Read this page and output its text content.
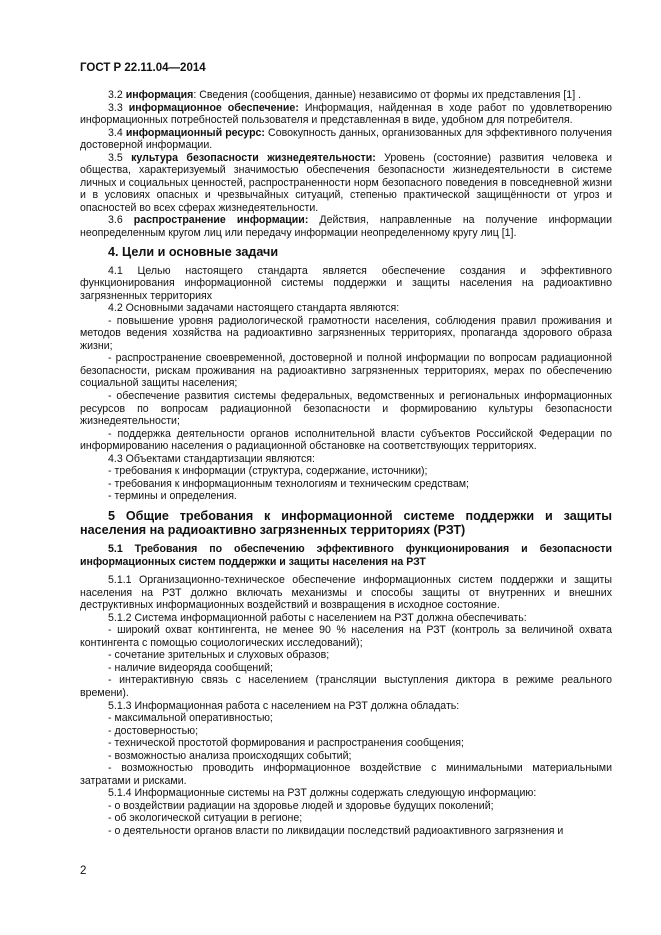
ГОСТ Р 22.11.04—2014

3.2 информация: Сведения (сообщения, данные) независимо от формы их представления [1] .

3.3 информационное обеспечение: Информация, найденная в ходе работ по удовлетворению информационных потребностей пользователя и представленная в виде, удобном для потребителя.

3.4 информационный ресурс: Совокупность данных, организованных для эффективного получения достоверной информации.

3.5 культура безопасности жизнедеятельности: Уровень (состояние) развития человека и общества, характеризуемый значимостью обеспечения безопасности жизнедеятельности в системе личных и социальных ценностей, распространенности норм безопасного поведения в повседневной жизни и в условиях опасных и чрезвычайных ситуаций, степенью практической защищённости от угроз и опасностей во всех сферах жизнедеятельности.

3.6 распространение информации: Действия, направленные на получение информации неопределенным кругом лиц или передачу информации неопределенному кругу лиц [1].

4. Цели и основные задачи

4.1 Целью настоящего стандарта является обеспечение создания и эффективного функционирования информационной системы поддержки и защиты населения на радиоактивно загрязненных территориях

4.2 Основными задачами настоящего стандарта являются:

- повышение уровня радиологической грамотности населения, соблюдения правил проживания и методов ведения хозяйства на радиоактивно загрязненных территориях, пропаганда здорового образа жизни;

- распространение своевременной, достоверной и полной информации по вопросам радиационной безопасности, рискам проживания на радиоактивно загрязненных территориях, мерах по обеспечению социальной защиты населения;

- обеспечение развития системы федеральных, ведомственных и региональных информационных ресурсов по вопросам радиационной безопасности и формированию культуры безопасности жизнедеятельности;

- поддержка деятельности органов исполнительной власти субъектов Российской Федерации по информированию населения о радиационной обстановке на соответствующих территориях.

4.3 Объектами стандартизации являются:

- требования к информации (структура, содержание, источники);

- требования к информационным технологиям и техническим средствам;

- термины и определения.

5 Общие требования к информационной системе поддержки и защиты населения на радиоактивно загрязненных территориях (РЗТ)
5.1 Требования по обеспечению эффективного функционирования и безопасности информационных систем поддержки и защиты населения на РЗТ

5.1.1 Организационно-техническое обеспечение информационных систем поддержки и защиты населения на РЗТ должно включать механизмы и способы защиты от внутренних и внешних деструктивных информационных воздействий и возвращения в исходное состояние.

5.1.2 Система информационной работы с населением на РЗТ должна обеспечивать:

- широкий охват контингента, не менее 90 % населения на РЗТ (контроль за величиной охвата контингента с помощью социологических исследований);

- сочетание зрительных и слуховых образов;

- наличие видеоряда сообщений;

- интерактивную связь с населением (трансляции выступления диктора в режиме реального времени).

5.1.3 Информационная работа с населением на РЗТ должна обладать:

- максимальной оперативностью;

- достоверностью;

- технической простотой формирования и распространения сообщения;

- возможностью анализа происходящих событий;

- возможностью проводить информационное воздействие с минимальными материальными затратами и рисками.

5.1.4 Информационные системы на РЗТ должны содержать следующую информацию:

- о воздействии радиации на здоровье людей и здоровье будущих поколений;

- об экологической ситуации в регионе;

- о деятельности органов власти по ликвидации последствий радиоактивного загрязнения и

2
